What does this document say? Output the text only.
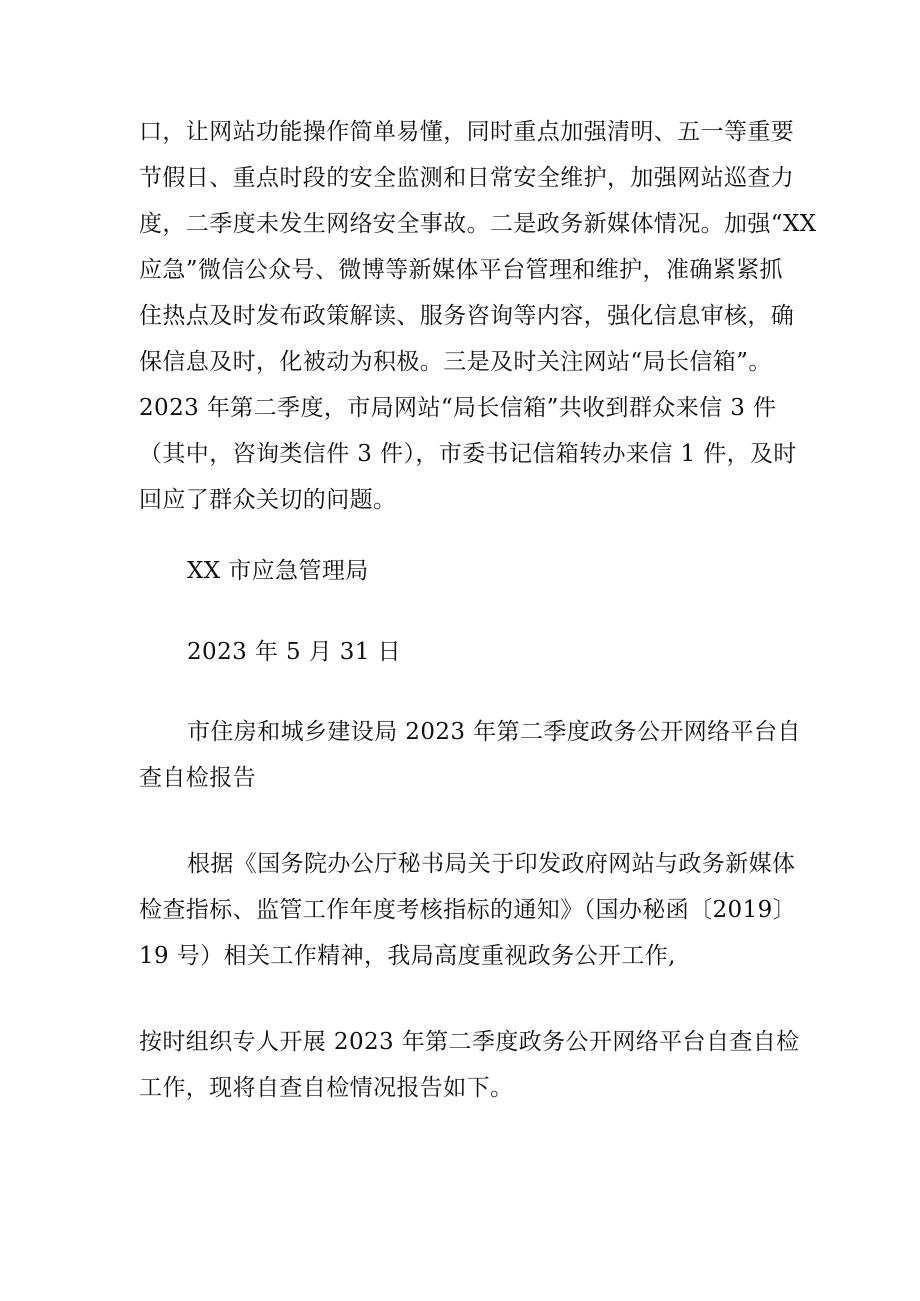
口，让网站功能操作简单易懂，同时重点加强清明、五一等重要
节假日、重点时段的安全监测和日常安全维护，加强网站巡查力
度，二季度未发生网络安全事故。二是政务新媒体情况。加强“XX
应急”微信公众号、微博等新媒体平台管理和维护，准确紧紧抓
住热点及时发布政策解读、服务咨询等内容，强化信息审核，确
保信息及时，化被动为积极。三是及时关注网站“局长信箱”。
2023 年第二季度，市局网站“局长信箱”共收到群众来信 3 件
（其中，咨询类信件 3 件），市委书记信箱转办来信 1 件，及时
回应了群众关切的问题。
XX 市应急管理局
2023 年 5 月 31 日
市住房和城乡建设局 2023 年第二季度政务公开网络平台自
查自检报告
根据《国务院办公厅秘书局关于印发政府网站与政务新媒体
检查指标、监管工作年度考核指标的通知》（国办秘函〔2019〕
19 号）相关工作精神，我局高度重视政务公开工作,
按时组织专人开展 2023 年第二季度政务公开网络平台自查自检
工作，现将自查自检情况报告如下。
